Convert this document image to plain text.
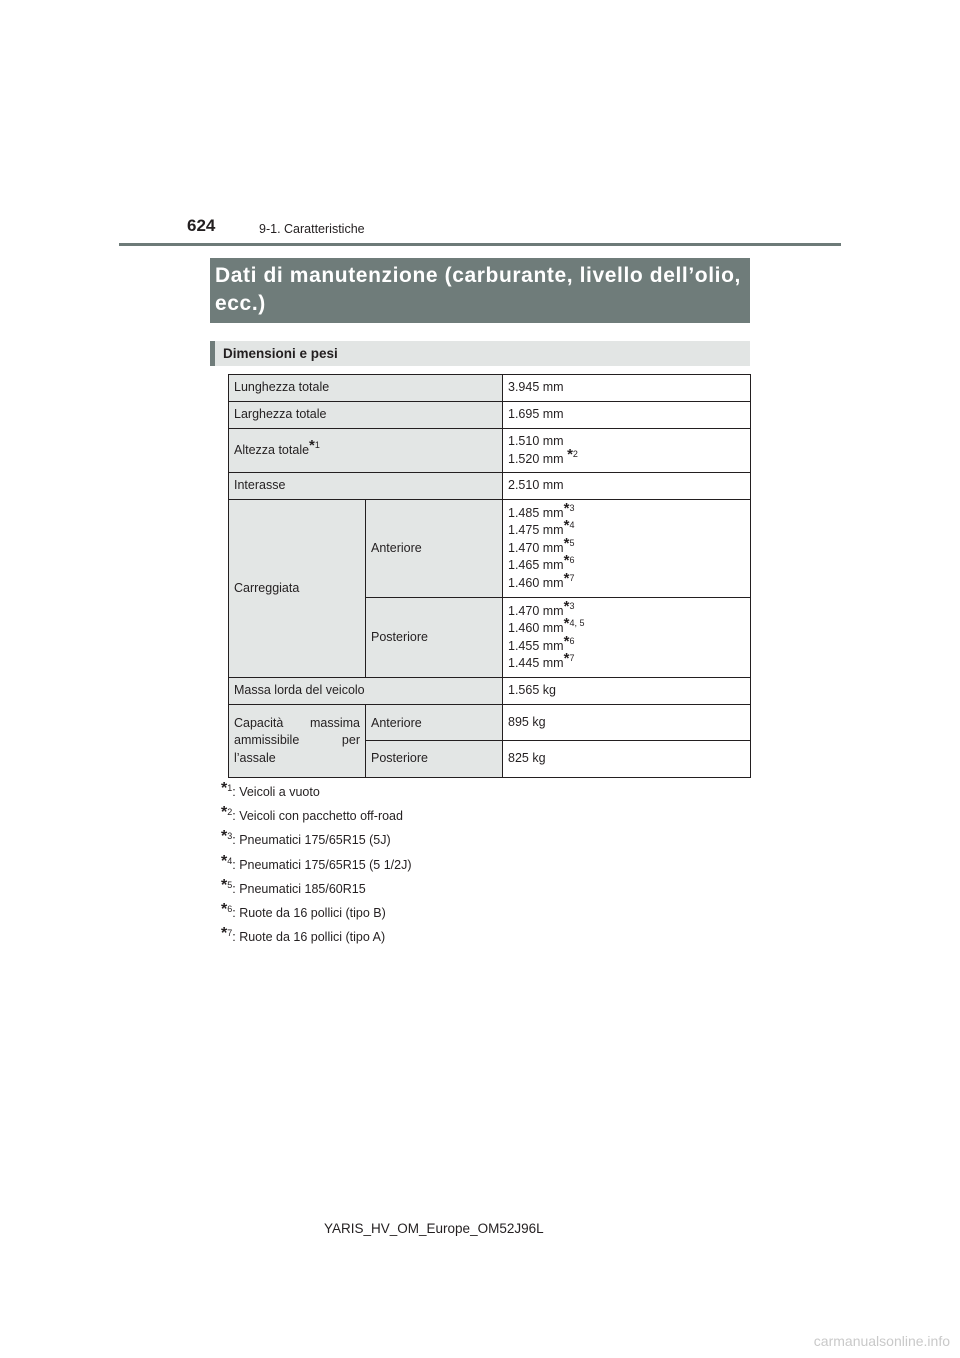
624	9-1. Caratteristiche
Dati di manutenzione (carburante, livello dell’olio, ecc.)
Dimensioni e pesi
Lunghezza totale		3.945 mm
Larghezza totale		1.695 mm
Altezza totale*$^1$		1.510 mm
1.520 mm *$^2$

Interasse		2.510 mm
Carreggiata	Anteriore	1.485 mm*$^3$
1.475 mm*$^4$
1.470 mm*$^5$
1.465 mm*$^6$
1.460 mm*$^7$

	Posteriore	1.470 mm*$^3$
1.460 mm*$^{4, 5}$
1.455 mm*$^6$
1.445 mm*$^7$

Massa lorda del veicolo		1.565 kg

Capacità massima
ammissibile per
l’assale	Anteriore	895 kg
	Posteriore	825 kg
*$^1$: Veicoli a vuoto
*$^2$: Veicoli con pacchetto off-road
*$^3$: Pneumatici 175/65R15 (5J)
*$^4$: Pneumatici 175/65R15 (5 1/2J)
*$^5$: Pneumatici 185/60R15
*$^6$: Ruote da 16 pollici (tipo B)
*$^7$: Ruote da 16 pollici (tipo A)
YARIS_HV_OM_Europe_OM52J96L
carmanualsonline.info
